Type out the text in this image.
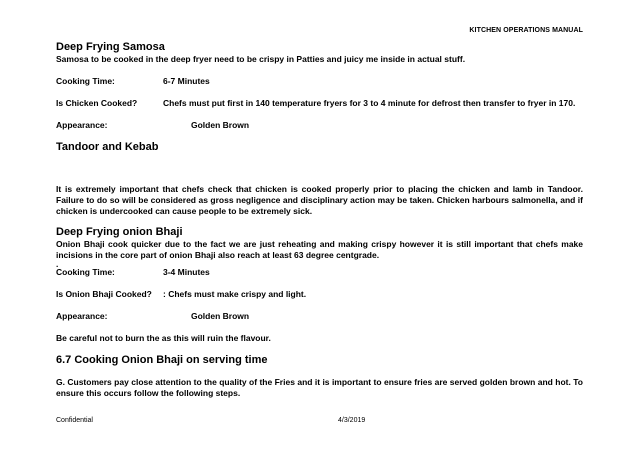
KITCHEN OPERATIONS MANUAL
Deep Frying Samosa
Samosa to be cooked in the deep fryer need to be crispy in Patties and juicy me inside in actual stuff.
Cooking Time:	6-7 Minutes
Is Chicken Cooked?	Chefs must put first in 140 temperature fryers for 3 to 4 minute for defrost then transfer to fryer in 170.
Appearance:	Golden Brown
Tandoor and Kebab
It is extremely important that chefs check that chicken is cooked properly prior to placing the chicken and lamb in Tandoor. Failure to do so will be considered as gross negligence and disciplinary action may be taken. Chicken harbours salmonella, and if chicken is undercooked can cause people to be extremely sick.
Deep Frying onion Bhaji
Onion Bhaji cook quicker due to the fact we are just reheating and making crispy however it is still important that chefs make incisions in the core part of onion Bhaji also reach at least 63 degree centgrade.
.
Cooking Time:	3-4 Minutes
Is Onion Bhaji Cooked?	: Chefs must make crispy and light.
Appearance:	Golden Brown
Be careful not to burn the as this will ruin the flavour.
6.7 Cooking Onion Bhaji on serving time
G. Customers pay close attention to the quality of the Fries and it is important to ensure fries are served golden brown and hot. To ensure this occurs follow the following steps.
Confidential	4/3/2019
